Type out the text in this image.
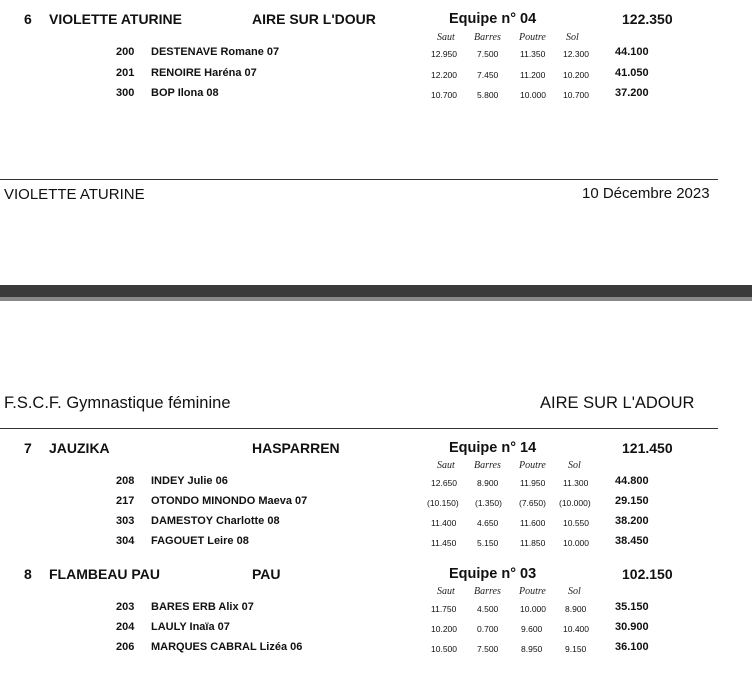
6 VIOLETTE ATURINE	AIRE SUR L'DOUR	Equipe n° 04	122.350
Saut Barres Poutre Sol
200 DESTENAVE Romane 07	12.950 7.500	11.350 12.300 44.100
201 RENOIRE Haréna 07	12.200 7.450	11.200 10.200 41.050
300 BOP Ilona 08	10.700 5.800	10.000 10.700 37.200
VIOLETTE ATURINE	10 Décembre 2023
F.S.C.F. Gymnastique féminine	AIRE SUR L'ADOUR
7 JAUZIKA	HASPARREN	Equipe n° 14	121.450
Saut Barres Poutre Sol
208 INDEY Julie 06	12.650 8.900	11.950 11.300 44.800
217 OTONDO MINONDO Maeva 07	(10.150) (1.350) (7.650) (10.000) 29.150
303 DAMESTOY Charlotte 08	11.400 4.650	11.600 10.550 38.200
304 FAGOUET Leire 08	11.450 5.150	11.850 10.000 38.450
8 FLAMBEAU PAU	PAU	Equipe n° 03	102.150
Saut Barres Poutre Sol
203 BARES ERB Alix 07	11.750 4.500	10.000 8.900	35.150
204 LAULY Inaïa 07	10.200 0.700	9.600 10.400 30.900
206 MARQUES CABRAL Lizéa 06	10.500 7.500	8.950	9.150	36.100
